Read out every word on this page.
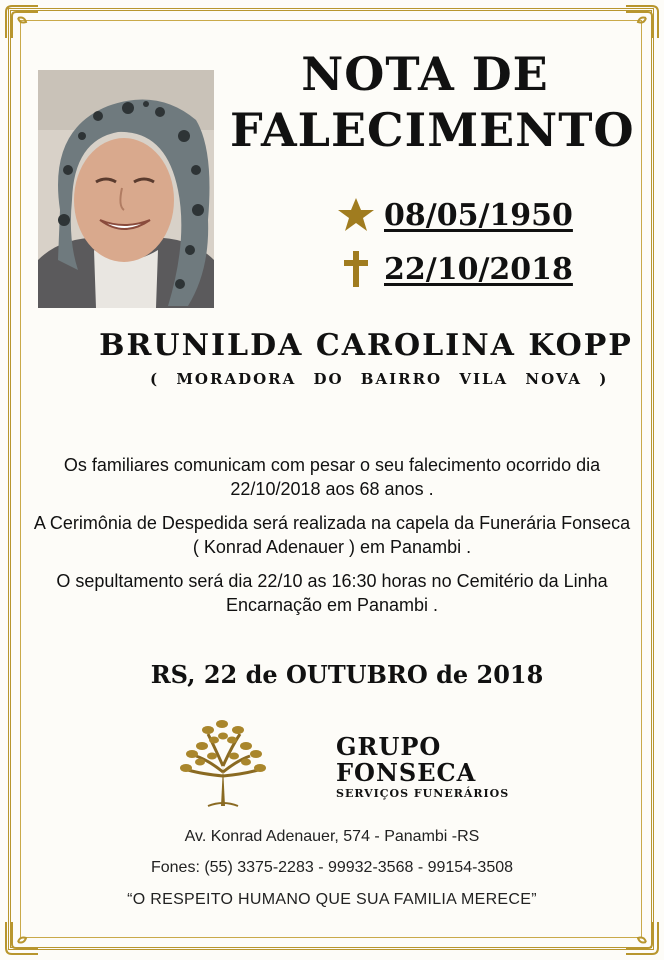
NOTA DE
FALECIMENTO
08/05/1950
22/10/2018
BRUNILDA CAROLINA KOPP
( MORADORA DO BAIRRO VILA NOVA )
Os familiares comunicam com pesar o seu falecimento ocorrido dia 22/10/2018 aos 68 anos .
A Cerimônia de Despedida será realizada na capela da Funerária Fonseca ( Konrad Adenauer ) em Panambi .
O sepultamento será dia 22/10 as 16:30 horas no Cemitério da Linha Encarnação em Panambi .
RS, 22 de OUTUBRO de 2018
GRUPO
FONSECA
SERVIÇOS FUNERÁRIOS
Av. Konrad Adenauer, 574 - Panambi -RS
Fones: (55) 3375-2283 - 99932-3568 - 99154-3508
“O RESPEITO HUMANO QUE SUA FAMILIA MERECE”
